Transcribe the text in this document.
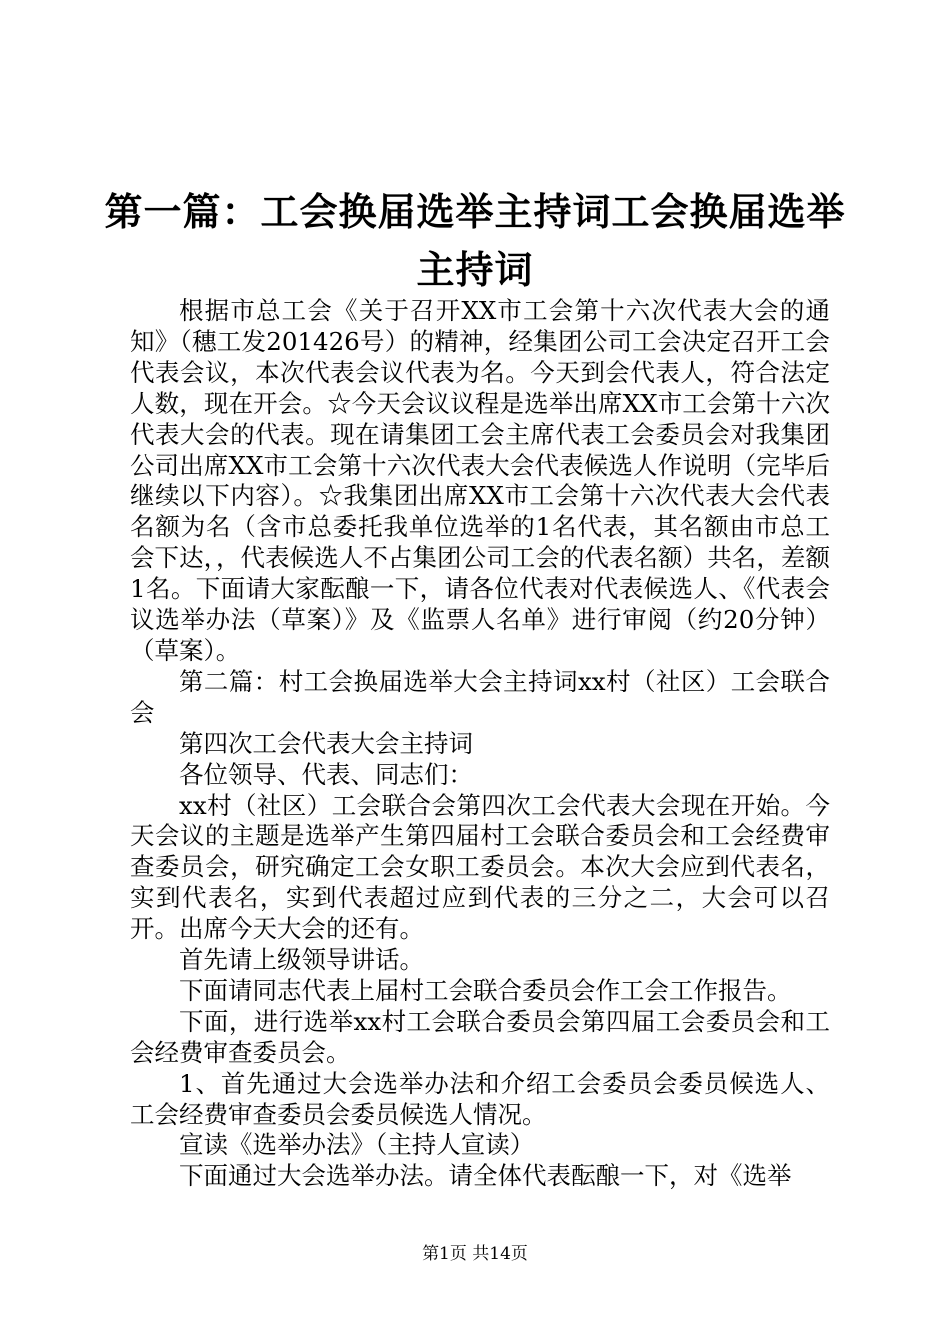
第一篇：工会换届选举主持词工会换届选举主持词

根据市总工会《关于召开XX市工会第十六次代表大会的通知》（穗工发201426号）的精神，经集团公司工会决定召开工会代表会议，本次代表会议代表为名。今天到会代表人，符合法定人数，现在开会。☆今天会议议程是选举出席XX市工会第十六次代表大会的代表。现在请集团工会主席代表工会委员会对我集团公司出席XX市工会第十六次代表大会代表候选人作说明（完毕后继续以下内容）。☆我集团出席XX市工会第十六次代表大会代表名额为名（含市总委托我单位选举的1名代表，其名额由市总工会下达，，代表候选人不占集团公司工会的代表名额）共名，差额1名。下面请大家酝酿一下，请各位代表对代表候选人、《代表会议选举办法（草案）》及《监票人名单》进行审阅（约20分钟）（草案）。

第二篇：村工会换届选举大会主持词xx村（社区）工会联合会

第四次工会代表大会主持词

各位领导、代表、同志们：

xx村（社区）工会联合会第四次工会代表大会现在开始。今天会议的主题是选举产生第四届村工会联合委员会和工会经费审查委员会，研究确定工会女职工委员会。本次大会应到代表名，实到代表名，实到代表超过应到代表的三分之二，大会可以召开。出席今天大会的还有。

首先请上级领导讲话。

下面请同志代表上届村工会联合委员会作工会工作报告。

下面，进行选举xx村工会联合委员会第四届工会委员会和工会经费审查委员会。

1、首先通过大会选举办法和介绍工会委员会委员候选人、工会经费审查委员会委员候选人情况。

宣读《选举办法》（主持人宣读）

下面通过大会选举办法。请全体代表酝酿一下，对《选举

第1页 共14页
